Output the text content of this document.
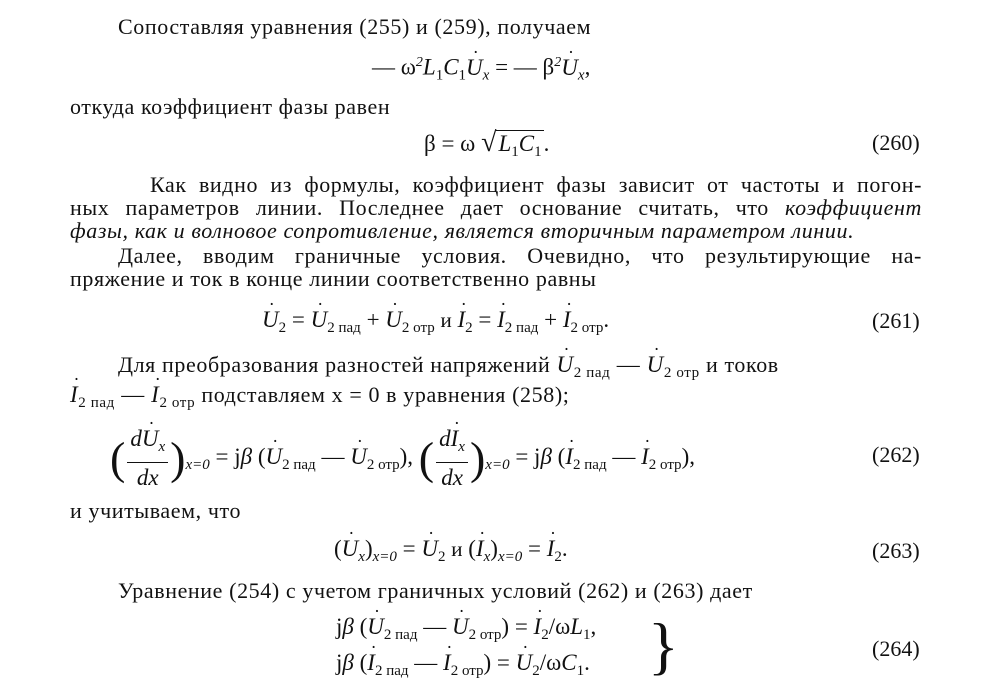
Сопоставляя уравнения (255) и (259), получаем
— $\omega^2L_1C_1˙$ $U_x$ = — $\beta^2˙$ $U_x$,
откуда коэффициент фазы равен
β = ω $√L_1C_1$.	(260)
Как видно из формулы, коэффициент фазы зависит от частоты и погон-
ных параметров линии. Последнее дает основание считать, что коэффициент
фазы, как и волновое сопротивление, является вторичным параметром линии.
Далее, вводим граничные условия. Очевидно, что результирующие на-
пряжение и ток в конце линии соответственно равны
˙ $U_2$ = ˙ $U_{2 пад}$ + ˙ $U_{2 отр}$ и ˙ $I_2$ = ˙ $I_{2 пад}$ + ˙ $I_{2 отр}$.	(261)
Для преобразования разностей напряжений ˙ $U_{2 пад}$ — ˙ $U_{2 отр}$ и токов
˙ $I_{2 пад}$ — ˙ $I_{2 отр}$ подставляем x = 0 в уравнения (258);
( $\frac{d˙ U_x}{dx} )_{x=0} = j\beta$ (˙ $U_{2 пад}$ — ˙ $U_{2 отр}$), ( $\frac{d˙ I_x}{dx} )_{x=0} = j\beta$ (˙ $I_{2 пад}$ — ˙ $I_{2 отр}$),	(262)
и учитываем, что
(˙ $U_x)_{x=0}$ = ˙ $U_2$ и (˙ $I_x)_{x=0}$ = ˙ $I_2$.	(263)
Уравнение (254) с учетом граничных условий (262) и (263) дает
jβ (˙ $U_{2 пад}$ — ˙ $U_{2 отр}$) = ˙ $I_2/\omega L_1$,
jβ (˙ $I_{2 пад}$ — ˙ $I_{2 отр}$) = ˙ $U_2/\omega C_1$. }	(264)
